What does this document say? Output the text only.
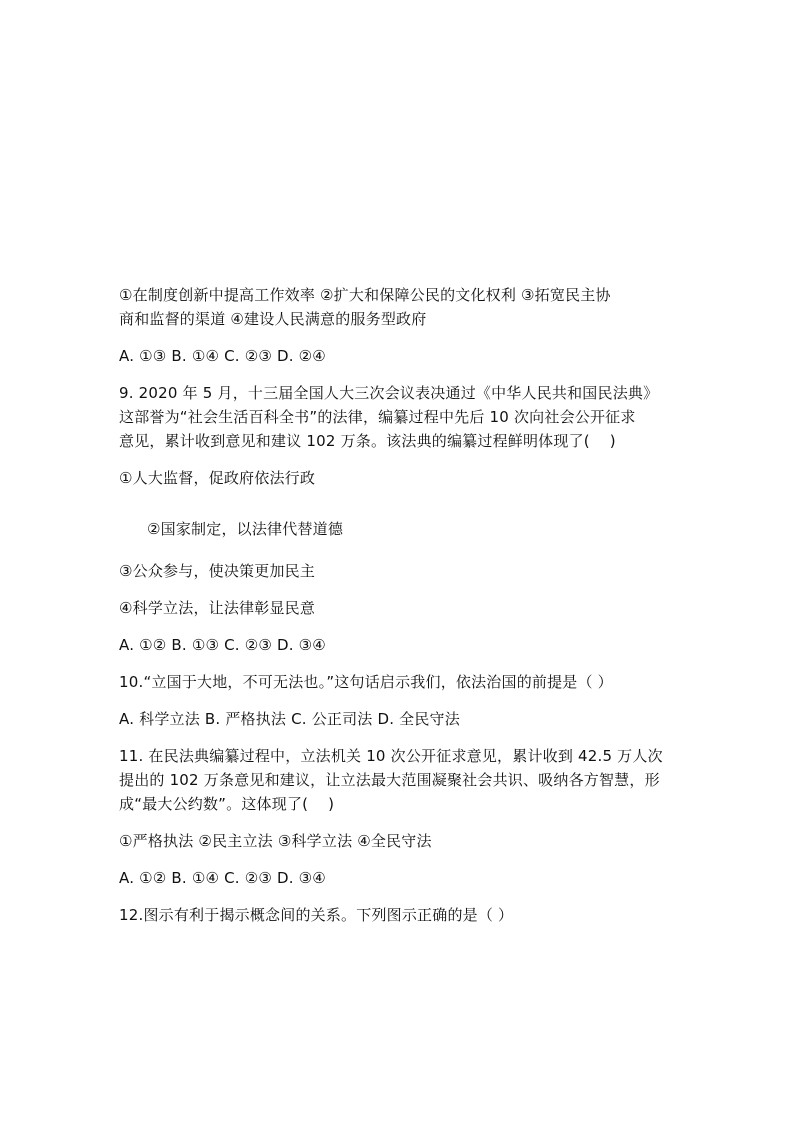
①在制度创新中提高工作效率 ②扩大和保障公民的文化权利 ③拓宽民主协
商和监督的渠道 ④建设人民满意的服务型政府
A. ①③ B. ①④ C. ②③ D. ②④
9. 2020 年 5 月，十三届全国人大三次会议表决通过《中华人民共和国民法典》
这部誉为“社会生活百科全书”的法律，编纂过程中先后 10 次向社会公开征求
意见，累计收到意见和建议 102 万条。该法典的编纂过程鲜明体现了(    )
①人大监督，促政府依法行政
②国家制定，以法律代替道德
③公众参与，使决策更加民主
④科学立法，让法律彰显民意
A. ①② B. ①③ C. ②③ D. ③④
10.“立国于大地，不可无法也。”这句话启示我们，依法治国的前提是（ ）
A. 科学立法 B. 严格执法 C. 公正司法 D. 全民守法
11. 在民法典编纂过程中，立法机关 10 次公开征求意见，累计收到 42.5 万人次
提出的 102 万条意见和建议，让立法最大范围凝聚社会共识、吸纳各方智慧，形
成“最大公约数”。这体现了(    )
①严格执法 ②民主立法 ③科学立法 ④全民守法
A. ①② B. ①④ C. ②③ D. ③④
12.图示有利于揭示概念间的关系。下列图示正确的是（ ）
